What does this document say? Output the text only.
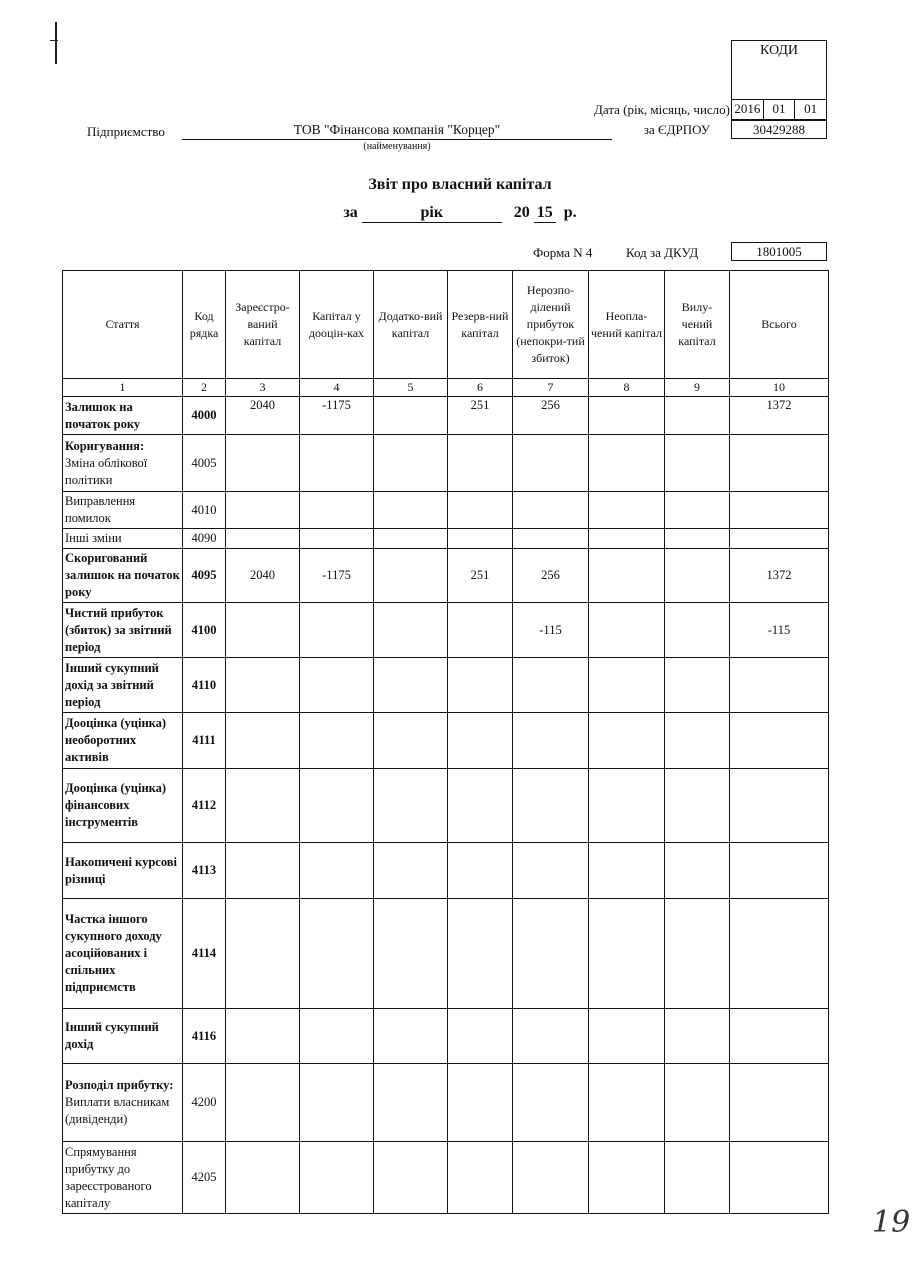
КОДИ
Дата (рік, місяць, число) 2016 01	01
за ЄДРПОУ	30429288
Підприємство	ТОВ "Фінансова компанія "Корцер"
(найменування)
Звіт про власний капітал
за	рік	20 15 р.
Форма N 4	Код за ДКУД	1801005
Стаття	Код рядка	Зареєстро-ваний капітал	Капітал у дооцін-ках	Додатко-вий капітал	Резерв-ний капітал	Нерозпо-ділений прибуток (непокри-тий збиток)	Неопла-чений капітал	Вилу-чений капітал	Всього
1	2	3	4	5	6	7	8	9	10

Залишок на початок року	4000	2040	-1175		251	256			1372

Коригування:
Зміна облікової політики	4005								

Виправлення помилок	4010								

Інші зміни	4090								

Скоригований залишок на початок року	4095	2040	-1175		251	256			1372

Чистий прибуток (збиток) за звітний період	4100					-115			-115

Інший сукупний дохід за звітний період	4110								

Дооцінка (уцінка) необоротних активів	4111								

Дооцінка (уцінка) фінансових інструментів	4112								

Накопичені курсові різниці	4113								

Частка іншого сукупного доходу асоційованих і спільних підприємств	4114								

Інший сукупний дохід	4116								

Розподіл прибутку:
Виплати власникам (дивіденди)	4200								

Спрямування прибутку до зареєстрованого капіталу	4205								
19
